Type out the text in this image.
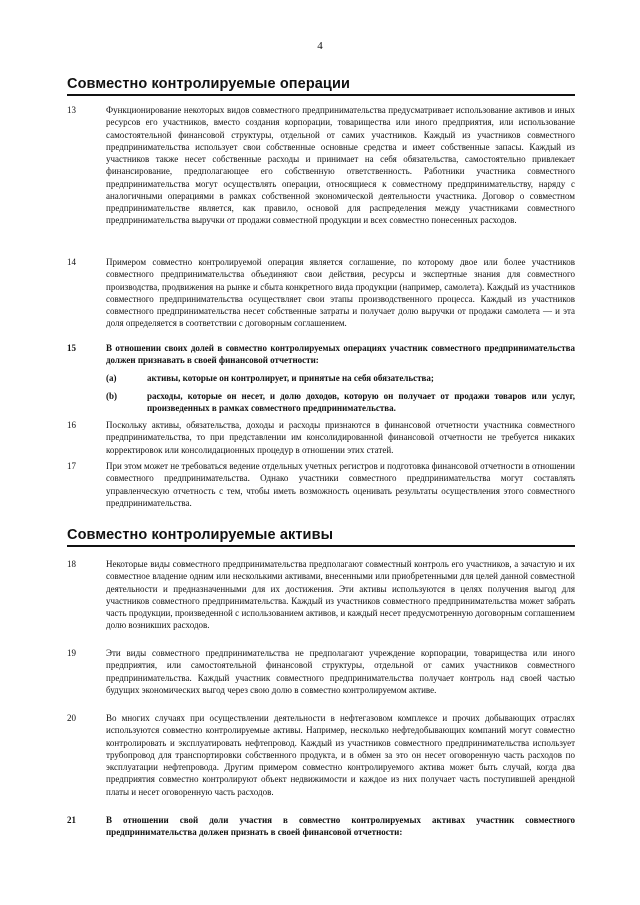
4
Совместно контролируемые операции
13	Функционирование некоторых видов совместного предпринимательства предусматривает использование активов и иных ресурсов его участников, вместо создания корпорации, товарищества или иного предприятия, или использование самостоятельной финансовой структуры, отдельной от самих участников. Каждый из участников совместного предпринимательства использует свои собственные основные средства и имеет собственные запасы. Каждый из участников также несет собственные расходы и принимает на себя обязательства, самостоятельно привлекает финансирование, предполагающее его собственную ответственность. Работники участника совместного предпринимательства могут осуществлять операции, относящиеся к совместному предпринимательству, наряду с аналогичными операциями в рамках собственной экономической деятельности участника. Договор о совместном предпринимательстве является, как правило, основой для распределения между участниками совместного предпринимательства выручки от продажи совместной продукции и всех совместно понесенных расходов.
14	Примером совместно контролируемой операция является соглашение, по которому двое или более участников совместного предпринимательства объединяют свои действия, ресурсы и экспертные знания для совместного производства, продвижения на рынке и сбыта конкретного вида продукции (например, самолета). Каждый из участников совместного предпринимательства осуществляет свои этапы производственного процесса. Каждый из участников совместного предпринимательства несет собственные затраты и получает долю выручки от продажи самолета — и эта доля определяется в соответствии с договорным соглашением.
15	В отношении своих долей в совместно контролируемых операциях участник совместного предпринимательства должен признавать в своей финансовой отчетности:
(a)	активы, которые он контролирует, и принятые на себя обязательства;
(b)	расходы, которые он несет, и долю доходов, которую он получает от продажи товаров или услуг, произведенных в рамках совместного предпринимательства.
16	Поскольку активы, обязательства, доходы и расходы признаются в финансовой отчетности участника совместного предпринимательства, то при представлении им консолидированной финансовой отчетности не требуется никаких корректировок или консолидационных процедур в отношении этих статей.
17	При этом может не требоваться ведение отдельных учетных регистров и подготовка финансовой отчетности в отношении совместного предпринимательства. Однако участники совместного предпринимательства могут составлять управленческую отчетность с тем, чтобы иметь возможность оценивать результаты осуществления этого совместного предпринимательства.
Совместно контролируемые активы
18	Некоторые виды совместного предпринимательства предполагают совместный контроль его участников, а зачастую и их совместное владение одним или несколькими активами, внесенными или приобретенными для целей данной совместной деятельности и предназначенными для их достижения. Эти активы используются в целях получения выгод для участников совместного предпринимательства. Каждый из участников совместного предпринимательства может забрать часть продукции, произведенной с использованием активов, и каждый несет предусмотренную договорным соглашением долю возникших расходов.
19	Эти виды совместного предпринимательства не предполагают учреждение корпорации, товарищества или иного предприятия, или самостоятельной финансовой структуры, отдельной от самих участников совместного предпринимательства. Каждый участник совместного предпринимательства получает контроль над своей частью будущих экономических выгод через свою долю в совместно контролируемом активе.
20	Во многих случаях при осуществлении деятельности в нефтегазовом комплексе и прочих добывающих отраслях используются совместно контролируемые активы. Например, несколько нефтедобывающих компаний могут совместно контролировать и эксплуатировать нефтепровод. Каждый из участников совместного предпринимательства использует трубопровод для транспортировки собственного продукта, и в обмен за это он несет оговоренную часть расходов по эксплуатации нефтепровода. Другим примером совместно контролируемого актива может быть случай, когда два предприятия совместно контролируют объект недвижимости и каждое из них получает часть поступившей арендной платы и несет оговоренную часть расходов.
21	В отношении свой доли участия в совместно контролируемых активах участник совместного предпринимательства должен признать в своей финансовой отчетности:
